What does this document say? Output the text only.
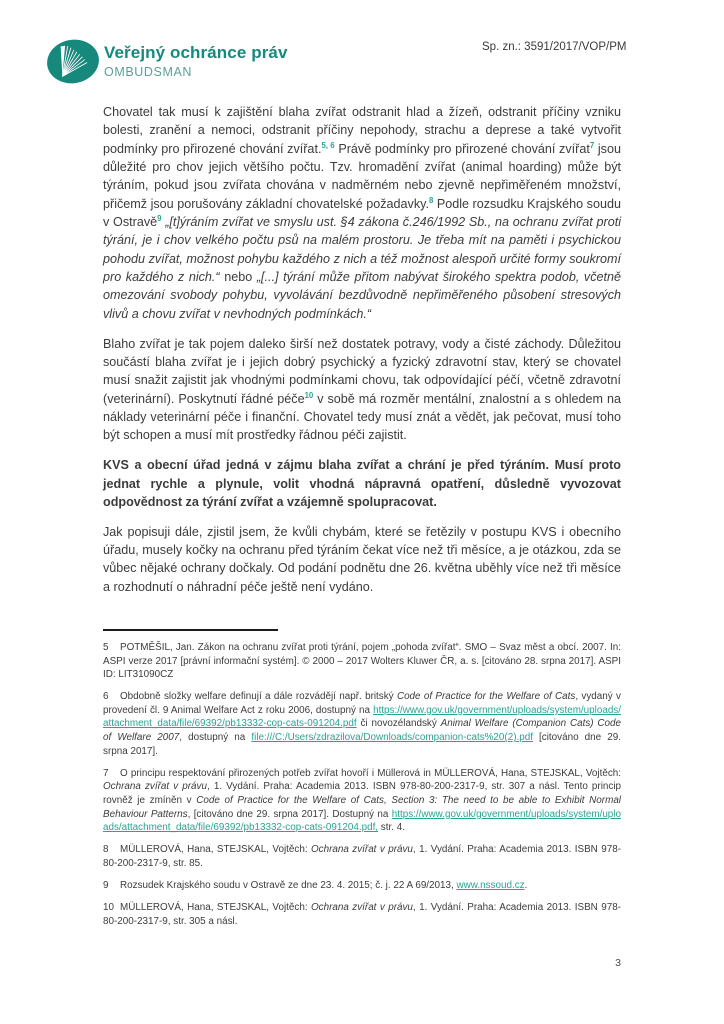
Veřejný ochránce práv
OMBUDSMAN
Sp. zn.: 3591/2017/VOP/PM

Chovatel tak musí k zajištění blaha zvířat odstranit hlad a žízeň, odstranit příčiny vzniku bolesti, zranění a nemoci, odstranit příčiny nepohody, strachu a deprese a také vytvořit podmínky pro přirozené chování zvířat.$^{5, 6}$ Právě podmínky pro přirozené chování zvířat$^7$ jsou důležité pro chov jejich většího počtu. Tzv. hromadění zvířat (animal hoarding) může být týráním, pokud jsou zvířata chována v nadměrném nebo zjevně nepřiměřeném množství, přičemž jsou porušovány základní chovatelské požadavky.$^8$ Podle rozsudku Krajského soudu v Ostravě$^9$ „[t]ýráním zvířat ve smyslu ust. §4 zákona č.246/1992 Sb., na ochranu zvířat proti týrání, je i chov velkého počtu psů na malém prostoru. Je třeba mít na paměti i psychickou pohodu zvířat, možnost pohybu každého z nich a též možnost alespoň určité formy soukromí pro každého z nich.“ nebo „[...] týrání může přitom nabývat širokého spektra podob, včetně omezování svobody pohybu, vyvolávání bezdůvodně nepřiměřeného působení stresových vlivů a chovu zvířat v nevhodných podmínkách.“

Blaho zvířat je tak pojem daleko širší než dostatek potravy, vody a čisté záchody. Důležitou součástí blaha zvířat je i jejich dobrý psychický a fyzický zdravotní stav, který se chovatel musí snažit zajistit jak vhodnými podmínkami chovu, tak odpovídající péčí, včetně zdravotní (veterinární). Poskytnutí řádné péče$^{10}$ v sobě má rozměr mentální, znalostní a s ohledem na náklady veterinární péče i finanční. Chovatel tedy musí znát a vědět, jak pečovat, musí toho být schopen a musí mít prostředky řádnou péči zajistit.

KVS a obecní úřad jedná v zájmu blaha zvířat a chrání je před týráním. Musí proto jednat rychle a plynule, volit vhodná nápravná opatření, důsledně vyvozovat odpovědnost za týrání zvířat a vzájemně spolupracovat.

Jak popisuji dále, zjistil jsem, že kvůli chybám, které se řetězily v postupu KVS i obecního úřadu, musely kočky na ochranu před týráním čekat více než tři měsíce, a je otázkou, zda se vůbec nějaké ochrany dočkaly. Od podání podnětu dne 26. května uběhly více než tři měsíce a rozhodnutí o náhradní péče ještě není vydáno.

5 POTMĚŠIL, Jan. Zákon na ochranu zvířat proti týrání, pojem „pohoda zvířat“. SMO – Svaz měst a obcí. 2007. In: ASPI verze 2017 [právní informační systém]. © 2000 – 2017 Wolters Kluwer ČR, a. s. [citováno 28. srpna 2017]. ASPI ID: LIT31090CZ

6 Obdobně složky welfare definují a dále rozvádějí např. britský Code of Practice for the Welfare of Cats, vydaný v provedení čl. 9 Animal Welfare Act z roku 2006, dostupný na https://www.gov.uk/government/uploads/system/uploads/attachment_data/file/69392/pb13332-cop-cats-091204.pdf či novozélandský Animal Welfare (Companion Cats) Code of Welfare 2007, dostupný na file:///C:/Users/zdrazilova/Downloads/companion-cats%20(2).pdf [citováno dne 29. srpna 2017].

7 O principu respektování přirozených potřeb zvířat hovoří i Müllerová in MÜLLEROVÁ, Hana, STEJSKAL, Vojtěch: Ochrana zvířat v právu, 1. Vydání. Praha: Academia 2013. ISBN 978-80-200-2317-9, str. 307 a násl. Tento princip rovněž je zmíněn v Code of Practice for the Welfare of Cats, Section 3: The need to be able to Exhibit Normal Behaviour Patterns, [citováno dne 29. srpna 2017]. Dostupný na https://www.gov.uk/government/uploads/system/uploads/attachment_data/file/69392/pb13332-cop-cats-091204.pdf, str. 4.

8 MÜLLEROVÁ, Hana, STEJSKAL, Vojtěch: Ochrana zvířat v právu, 1. Vydání. Praha: Academia 2013. ISBN 978-80-200-2317-9, str. 85.

9 Rozsudek Krajského soudu v Ostravě ze dne 23. 4. 2015; č. j. 22 A 69/2013, www.nssoud.cz.

10 MÜLLEROVÁ, Hana, STEJSKAL, Vojtěch: Ochrana zvířat v právu, 1. Vydání. Praha: Academia 2013. ISBN 978-80-200-2317-9, str. 305 a násl.

3
